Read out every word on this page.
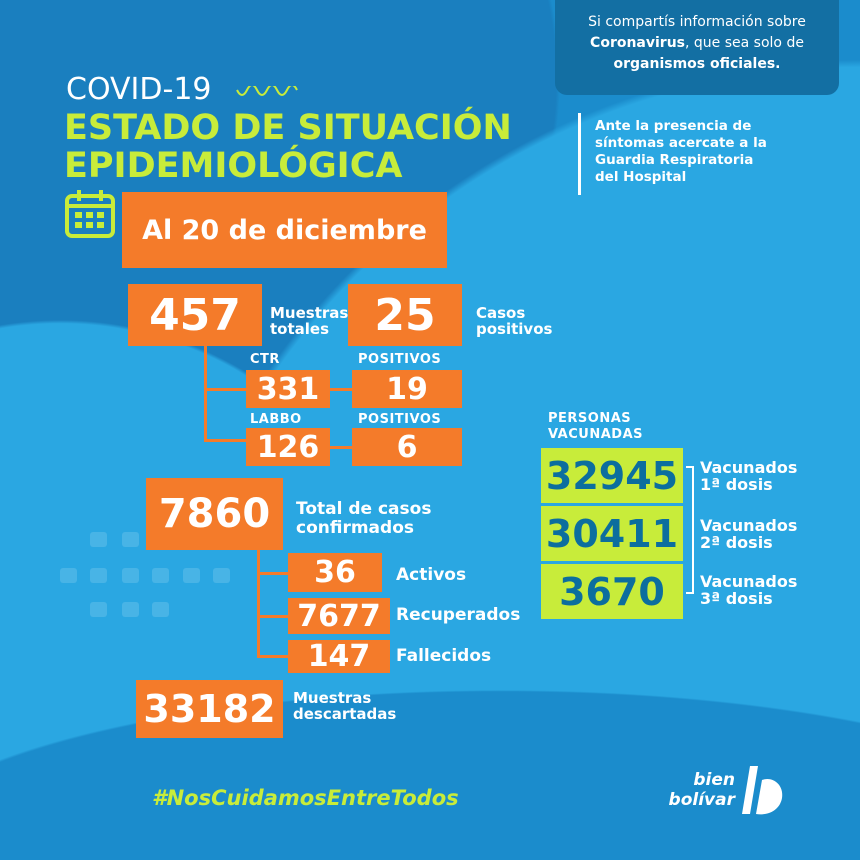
Si compartís información sobre
Coronavirus, que sea solo de
organismos oficiales.
Ante la presencia de
síntomas acercate a la
Guardia Respiratoria
del Hospital
COVID-19
ESTADO DE SITUACIÓN
EPIDEMIOLÓGICA
Al 20 de diciembre
457	Muestras
totales	25	Casos
positivos
CTR	POSITIVOS
331	19
LABBO	POSITIVOS
126	6
7860	Total de casos
confirmados
36	Activos
7677 Recuperados
147	Fallecidos
33182	Muestras
descartadas
PERSONAS
VACUNADAS
32945
30411
3670
Vacunados
1ª dosis
Vacunados
2ª dosis
Vacunados
3ª dosis
#NosCuidamosEntreTodos
bien
bolívar
